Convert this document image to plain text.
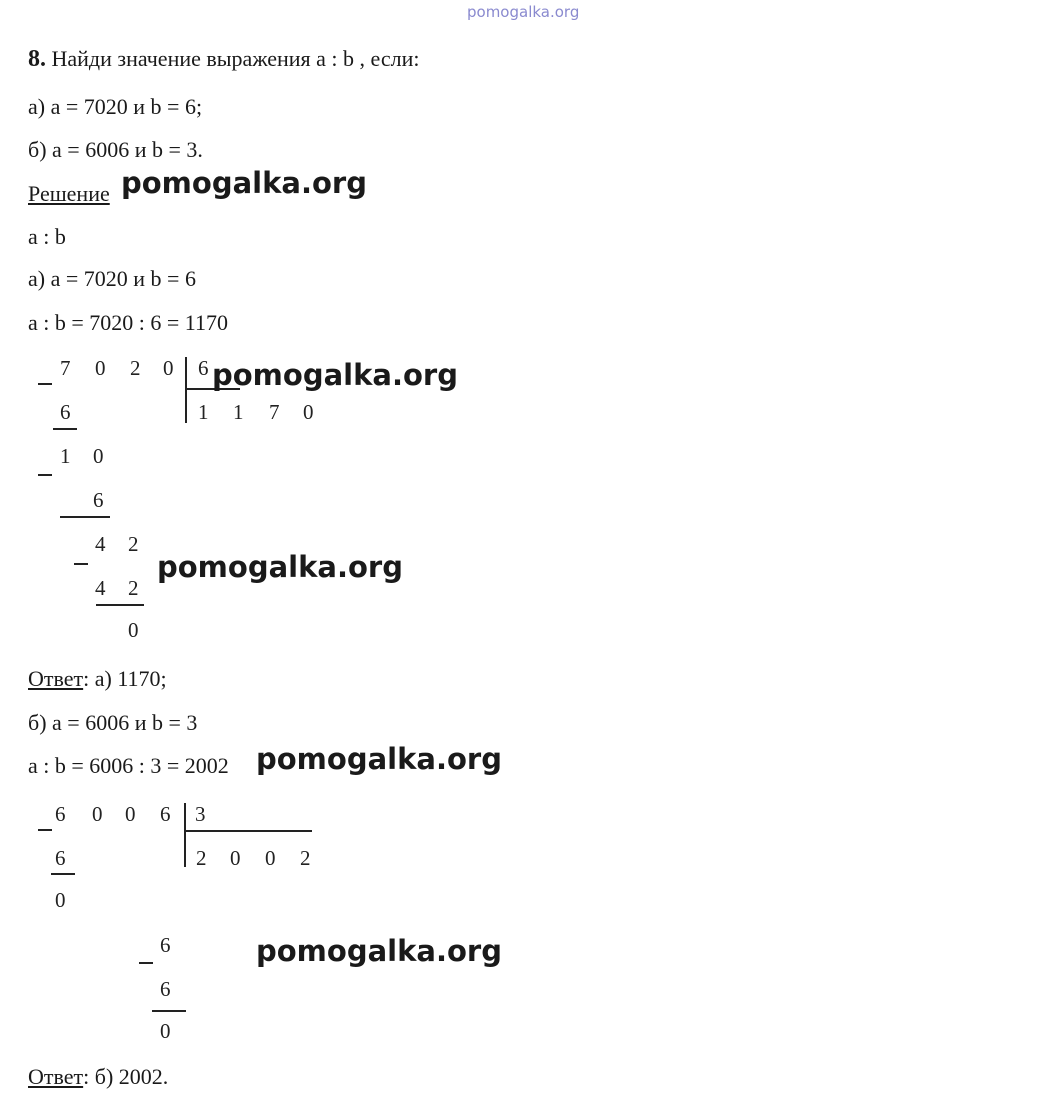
pomogalka.org
8. Найди значение выражения a : b , если:
а) a = 7020 и b = 6;
б) a = 6006 и b = 3.
Решение pomogalka.org
a : b
а) a = 7020 и b = 6
a : b = 7020 : 6 = 1170
7 0 2 0 6
1 1 7 0
6
1 0
6
4 2
4 2
0
pomogalka.org
pomogalka.org
Ответ: а) 1170;
б) a = 6006 и b = 3
a : b = 6006 : 3 = 2002 pomogalka.org
6 0 0 6 3
2 0 0 2
6
0
6
6
0
pomogalka.org
Ответ: б) 2002.
